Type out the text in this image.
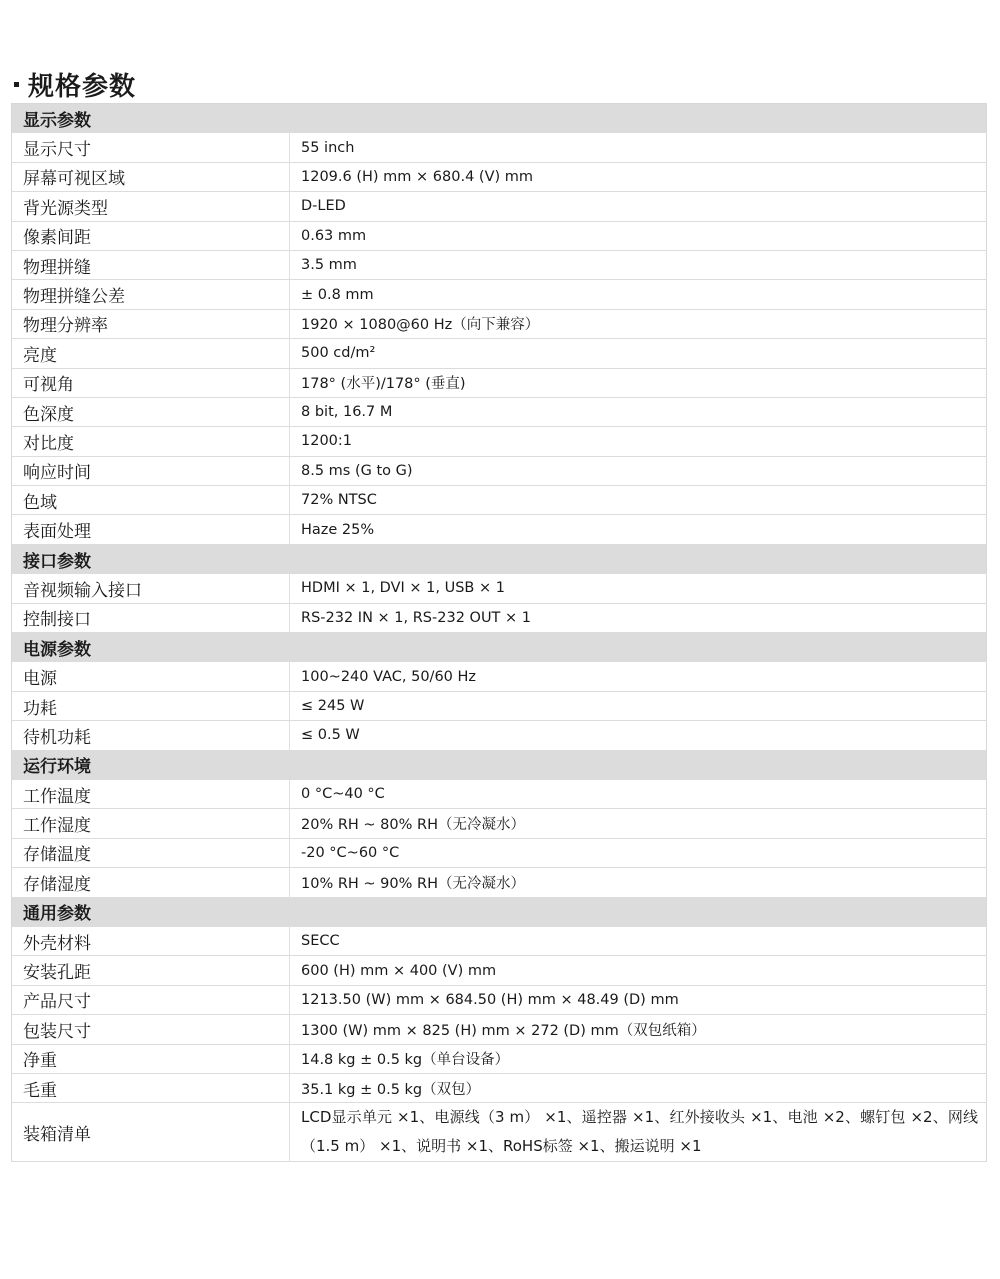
规格参数
显示参数	
显示尺寸	55 inch
屏幕可视区域	1209.6 (H) mm × 680.4 (V) mm
背光源类型	D-LED
像素间距	0.63 mm
物理拼缝	3.5 mm
物理拼缝公差	± 0.8 mm
物理分辨率	1920 × 1080@60 Hz（向下兼容）
亮度	500 cd/m²
可视角	178° (水平)/178° (垂直)
色深度	8 bit, 16.7 M
对比度	1200:1
响应时间	8.5 ms (G to G)
色域	72% NTSC
表面处理	Haze 25%
接口参数	
音视频输入接口	HDMI × 1, DVI × 1, USB × 1
控制接口	RS-232 IN × 1, RS-232 OUT × 1
电源参数	
电源	100~240 VAC, 50/60 Hz
功耗	≤ 245 W
待机功耗	≤ 0.5 W
运行环境	
工作温度	0 °C~40 °C
工作湿度	20% RH ~ 80% RH（无冷凝水）
存储温度	-20 °C~60 °C
存储湿度	10% RH ~ 90% RH（无冷凝水）
通用参数	
外壳材料	SECC
安装孔距	600 (H) mm × 400 (V) mm
产品尺寸	1213.50 (W) mm × 684.50 (H) mm × 48.49 (D) mm
包装尺寸	1300 (W) mm × 825 (H) mm × 272 (D) mm（双包纸箱）
净重	14.8 kg ± 0.5 kg（单台设备）
毛重	35.1 kg ± 0.5 kg（双包）
装箱清单	LCD显示单元 ×1、电源线（3 m） ×1、遥控器 ×1、红外接收头 ×1、电池 ×2、螺钉包 ×2、网线（1.5 m） ×1、说明书 ×1、RoHS标签 ×1、搬运说明 ×1
